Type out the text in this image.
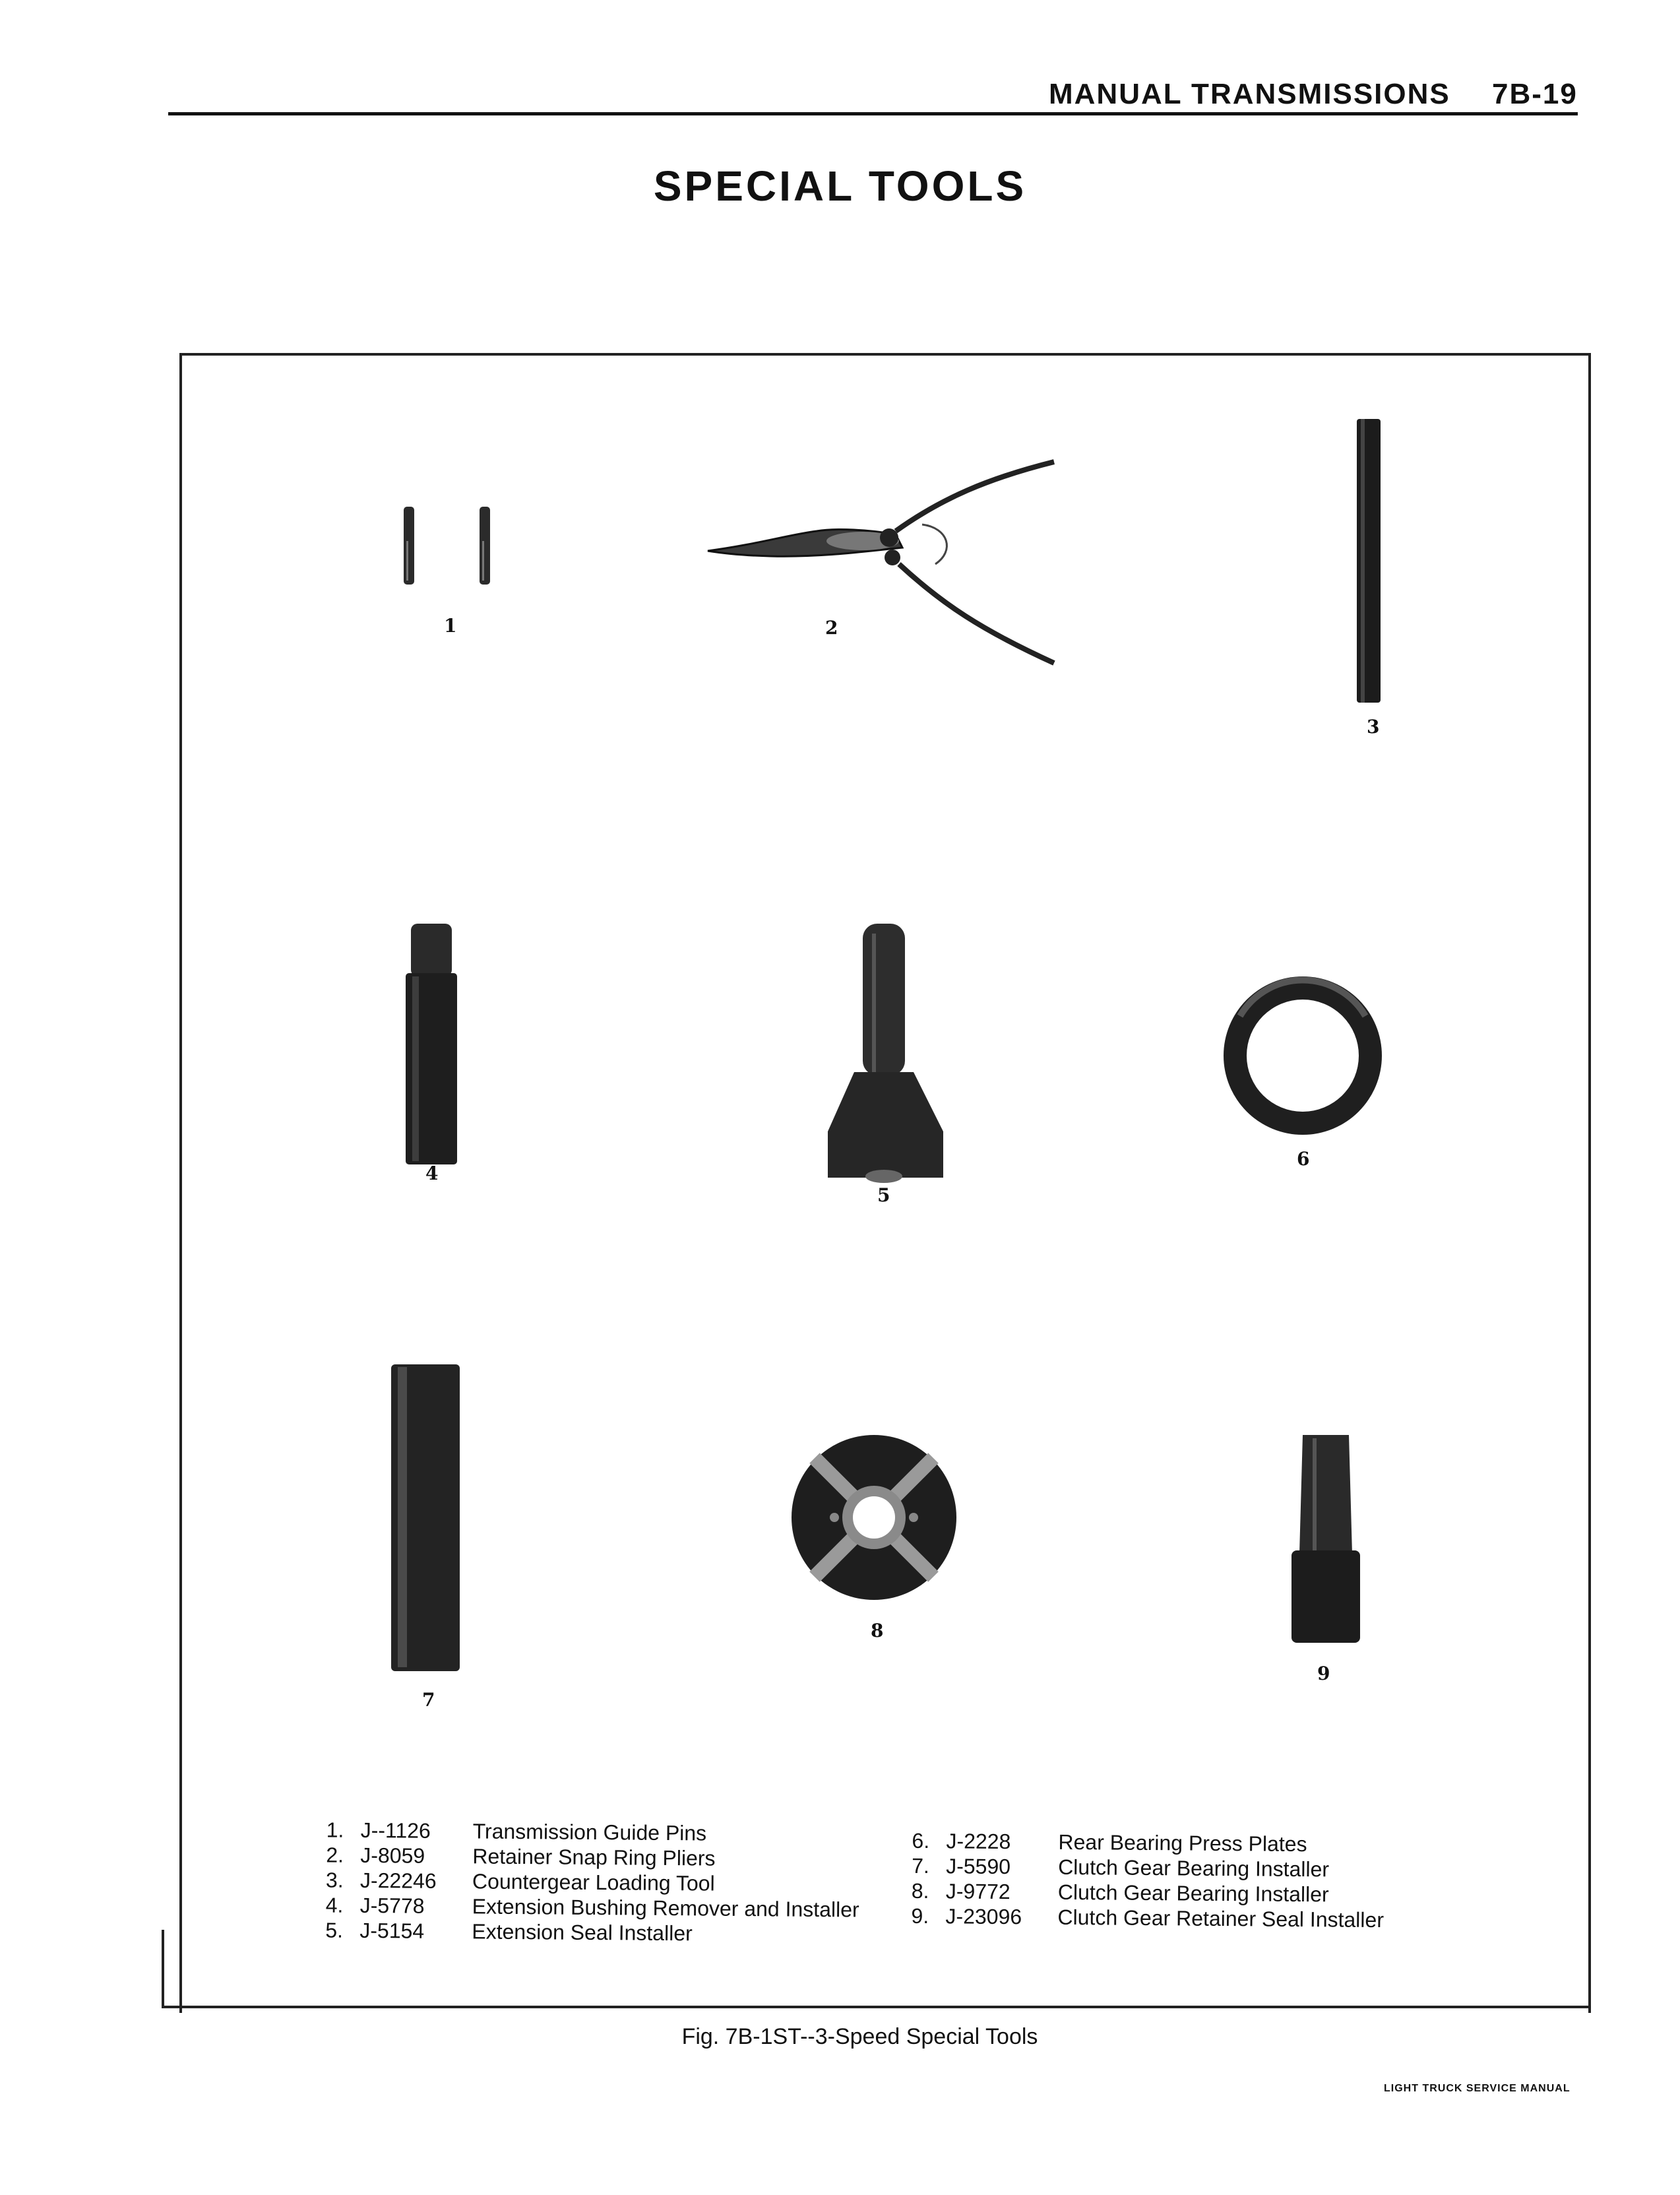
MANUAL TRANSMISSIONS 7B-19
SPECIAL TOOLS
1	2
3
4
5
6
7
8
9
1. J--1126 Transmission Guide Pins
2. J-8059 Retainer Snap Ring Pliers
3. J-22246 Countergear Loading Tool
4. J-5778 Extension Bushing Remover and Installer
5. J-5154 Extension Seal Installer
6. J-2228 Rear Bearing Press Plates
7. J-5590 Clutch Gear Bearing Installer
8. J-9772 Clutch Gear Bearing Installer
9. J-23096 Clutch Gear Retainer Seal Installer
Fig. 7B-1ST--3-Speed Special Tools
LIGHT TRUCK SERVICE MANUAL
